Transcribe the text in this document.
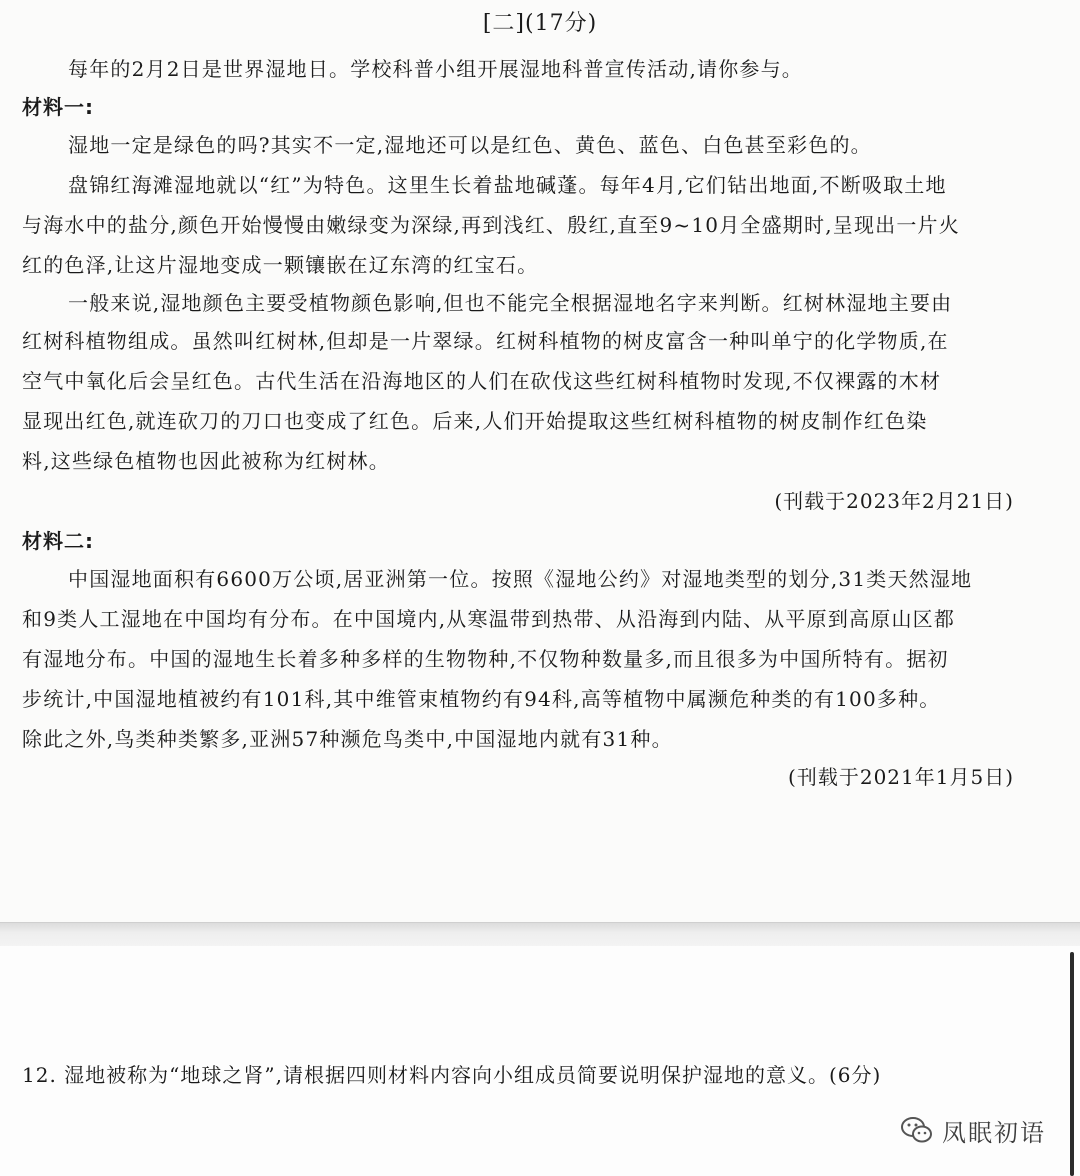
[二](17分)
每年的2月2日是世界湿地日。学校科普小组开展湿地科普宣传活动,请你参与。
材料一:
湿地一定是绿色的吗?其实不一定,湿地还可以是红色、黄色、蓝色、白色甚至彩色的。
盘锦红海滩湿地就以“红”为特色。这里生长着盐地碱蓬。每年4月,它们钻出地面,不断吸取土地
与海水中的盐分,颜色开始慢慢由嫩绿变为深绿,再到浅红、殷红,直至9~10月全盛期时,呈现出一片火
红的色泽,让这片湿地变成一颗镶嵌在辽东湾的红宝石。
一般来说,湿地颜色主要受植物颜色影响,但也不能完全根据湿地名字来判断。红树林湿地主要由
红树科植物组成。虽然叫红树林,但却是一片翠绿。红树科植物的树皮富含一种叫单宁的化学物质,在
空气中氧化后会呈红色。古代生活在沿海地区的人们在砍伐这些红树科植物时发现,不仅裸露的木材
显现出红色,就连砍刀的刀口也变成了红色。后来,人们开始提取这些红树科植物的树皮制作红色染
料,这些绿色植物也因此被称为红树林。
(刊载于2023年2月21日)
材料二:
中国湿地面积有6600万公顷,居亚洲第一位。按照《湿地公约》对湿地类型的划分,31类天然湿地
和9类人工湿地在中国均有分布。在中国境内,从寒温带到热带、从沿海到内陆、从平原到高原山区都
有湿地分布。中国的湿地生长着多种多样的生物物种,不仅物种数量多,而且很多为中国所特有。据初
步统计,中国湿地植被约有101科,其中维管束植物约有94科,高等植物中属濒危种类的有100多种。
除此之外,鸟类种类繁多,亚洲57种濒危鸟类中,中国湿地内就有31种。
(刊载于2021年1月5日)
12. 湿地被称为“地球之肾”,请根据四则材料内容向小组成员简要说明保护湿地的意义。(6分)
凤眠初语
